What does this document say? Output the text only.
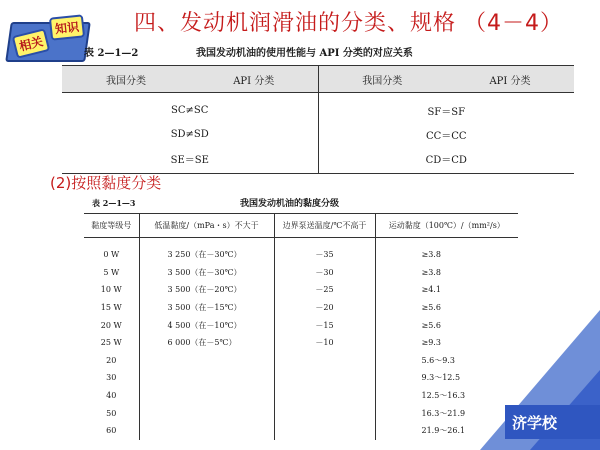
济学校
相关
知识 四、发动机润滑油的分类、规格 （4－4）
表 2—1—2	我国发动机油的使用性能与 API 分类的对应关系
我国分类	API 分类	我国分类	API 分类
SC≠SC		SF＝SF	
SD≠SD		CC＝CC	
SE＝SE		CD＝CD	
(2)按照黏度分类
表 2—1—3	我国发动机油的黏度分级
黏度等级号	低温黏度/（mPa・s）不大于	边界泵送温度/℃不高于	运动黏度（100℃）/（mm²/s）
0 W	3 250（在－30℃）	－35	≥3.8
5 W	3 500（在－30℃）	－30	≥3.8
10 W	3 500（在－20℃）	－25	≥4.1
15 W	3 500（在－15℃）	－20	≥5.6
20 W	4 500（在－10℃）	－15	≥5.6
25 W	6 000（在－5℃）	－10	≥9.3
20			5.6～9.3
30			9.3～12.5
40			12.5～16.3
50			16.3～21.9
60			21.9～26.1
